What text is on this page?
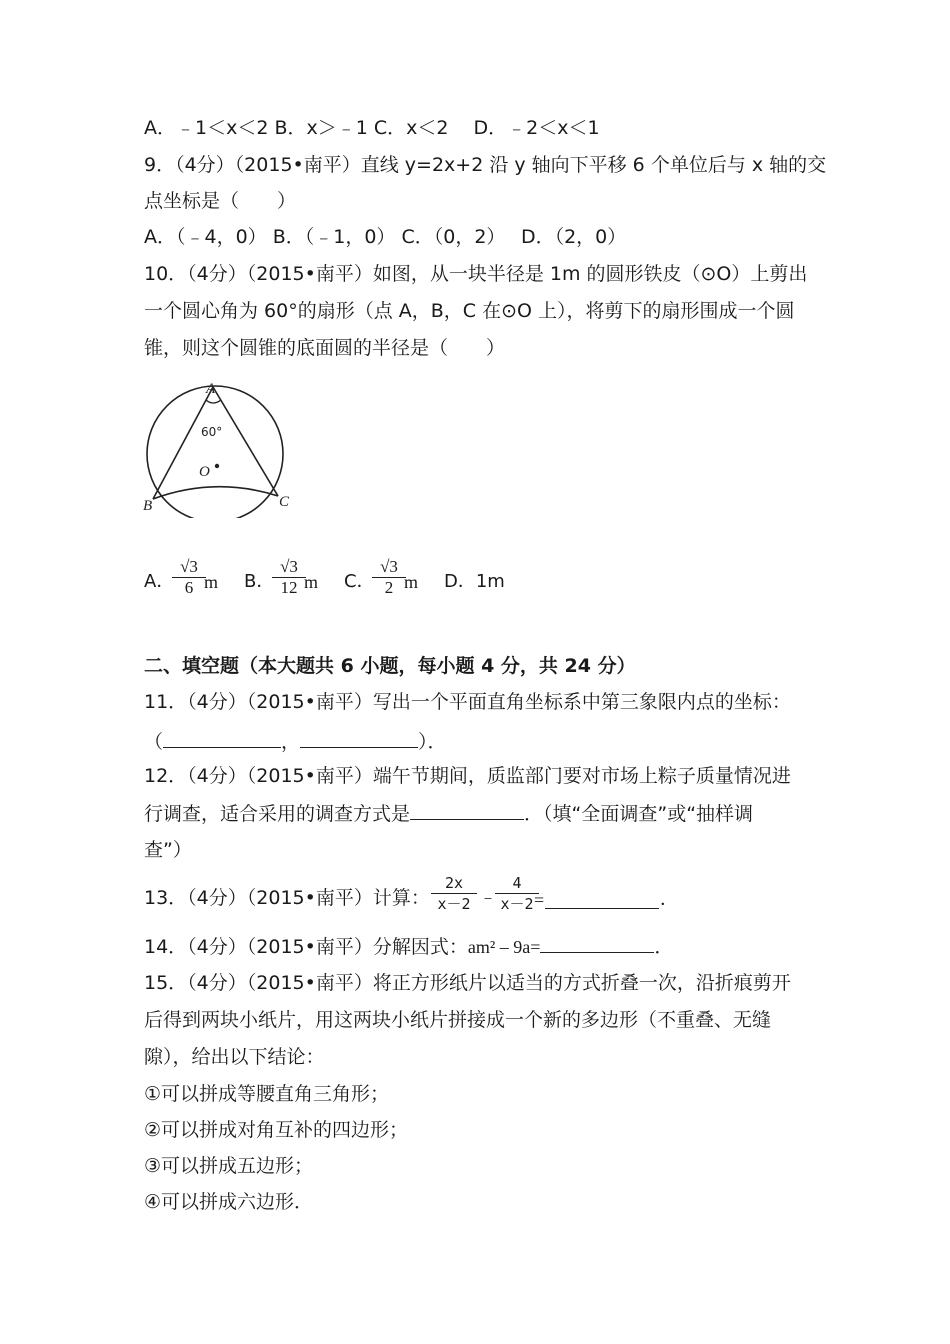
A．﹣1＜x＜2 B．x＞﹣1 C．x＜2　 D．﹣2＜x＜1
9．（4分）（2015•南平）直线 y=2x+2 沿 y 轴向下平移 6 个单位后与 x 轴的交
点坐标是（　　）
A．（﹣4，0） B．（﹣1，0） C．（0，2）　 D．（2，0）
10．（4分）（2015•南平）如图，从一块半径是 1m 的圆形铁皮（⊙O）上剪出
一个圆心角为 60°的扇形（点 A，B，C 在⊙O 上），将剪下的扇形围成一个圆
锥，则这个圆锥的底面圆的半径是（　　）
A
B	C
O
60°
A．
√3
6 m B．
√3
12 m C．
√3
2 m D．1m
二、填空题（本大题共 6 小题，每小题 4 分，共 24 分）
11．（4分）（2015•南平）写出一个平面直角坐标系中第三象限内点的坐标：
（	，	）．
12．（4分）（2015•南平）端午节期间，质监部门要对市场上粽子质量情况进
行调查，适合采用的调查方式是	．（填“全面调查”或“抽样调
查”）
13．（4分）（2015•南平）计算：
2x
x－2 ﹣
4
x－2 =	．
14．（4分）（2015•南平）分解因式：am² – 9a=	．
15．（4分）（2015•南平）将正方形纸片以适当的方式折叠一次，沿折痕剪开
后得到两块小纸片，用这两块小纸片拼接成一个新的多边形（不重叠、无缝
隙），给出以下结论：
①可以拼成等腰直角三角形；
②可以拼成对角互补的四边形；
③可以拼成五边形；
④可以拼成六边形．
